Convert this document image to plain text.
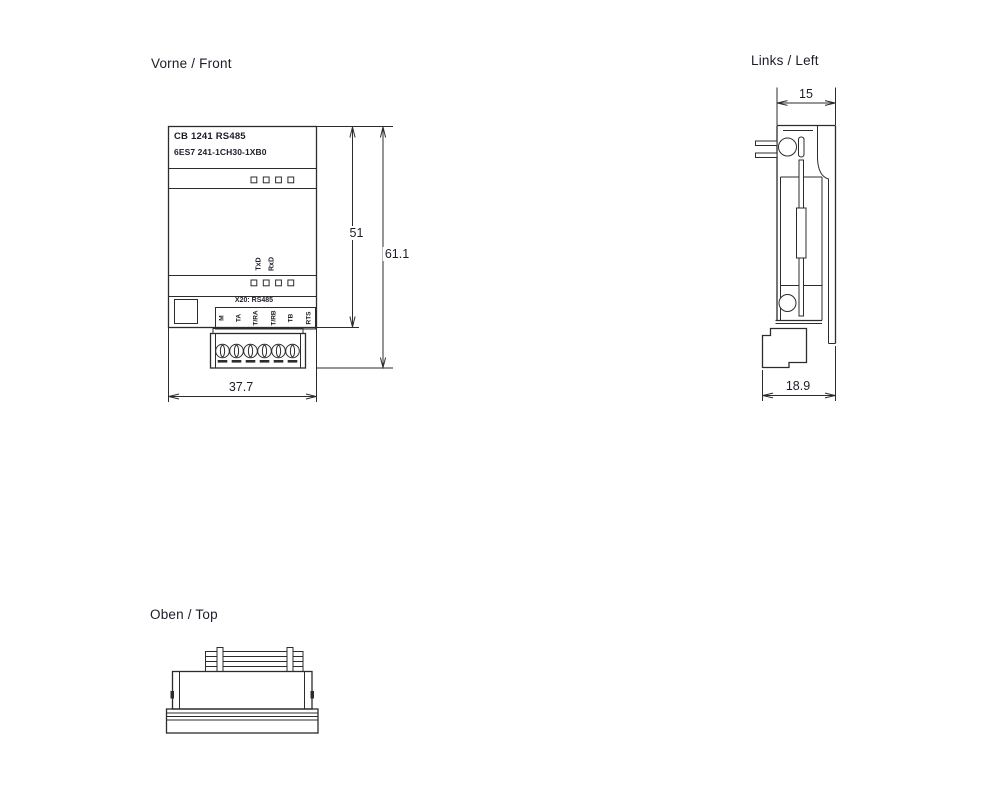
Vorne / Front	Links / Left
Oben / Top
CB 1241 RS485
6ES7 241-1CH30-1XB0
TxD RxD
X20: RS485
M TA T/RA T/RB TB RTS
51
61.1
37.7
15
18.9
